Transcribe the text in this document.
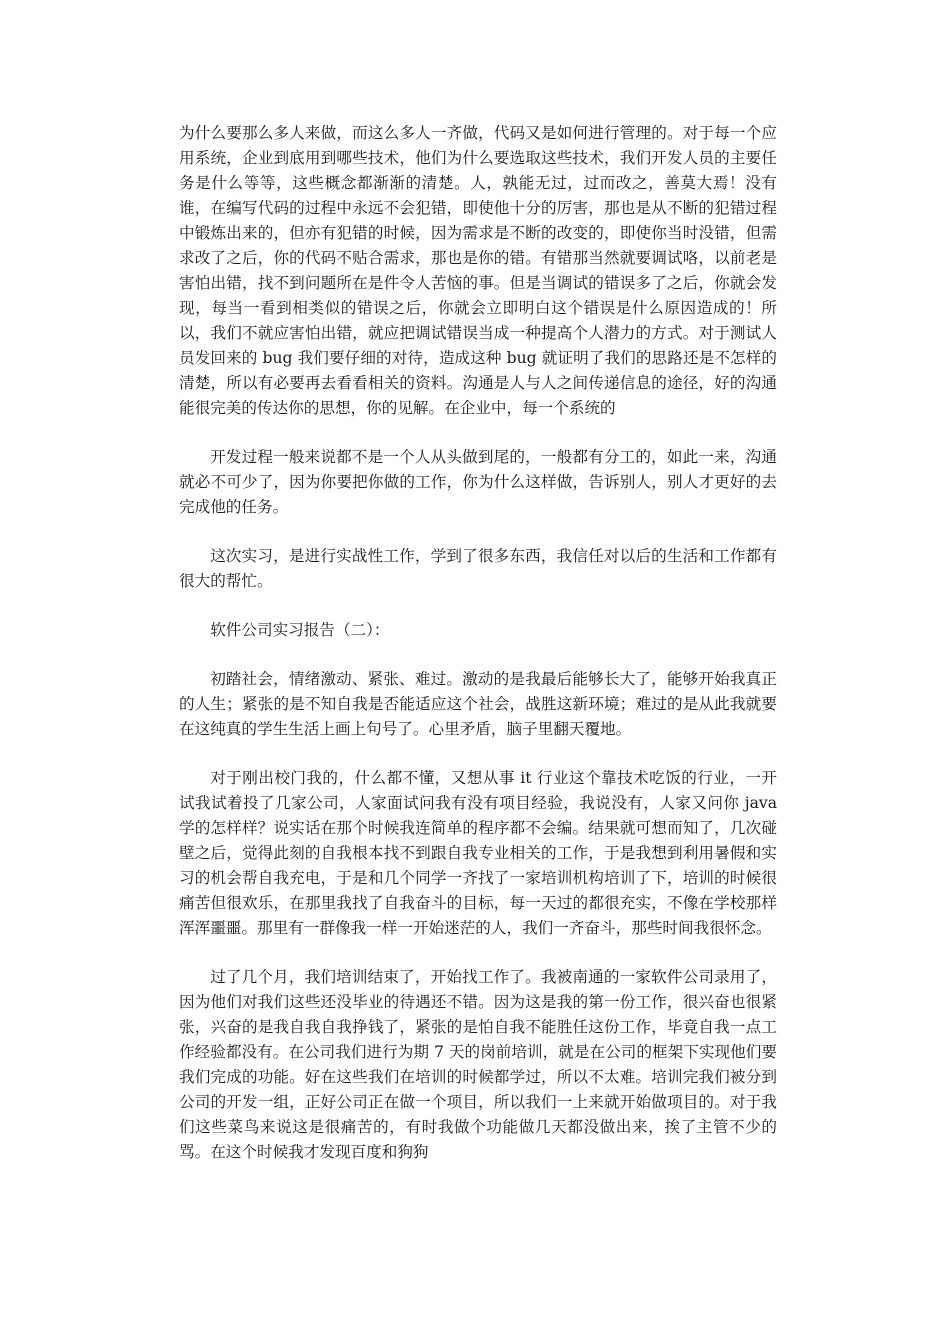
为什么要那么多人来做，而这么多人一齐做，代码又是如何进行管理的。对于每一个应用系统，企业到底用到哪些技术，他们为什么要选取这些技术，我们开发人员的主要任务是什么等等，这些概念都渐渐的清楚。人，孰能无过，过而改之，善莫大焉！没有谁，在编写代码的过程中永远不会犯错，即使他十分的厉害，那也是从不断的犯错过程中锻炼出来的，但亦有犯错的时候，因为需求是不断的改变的，即使你当时没错，但需求改了之后，你的代码不贴合需求，那也是你的错。有错那当然就要调试咯，以前老是害怕出错，找不到问题所在是件令人苦恼的事。但是当调试的错误多了之后，你就会发现，每当一看到相类似的错误之后，你就会立即明白这个错误是什么原因造成的！所以，我们不就应害怕出错，就应把调试错误当成一种提高个人潜力的方式。对于测试人员发回来的 bug 我们要仔细的对待，造成这种 bug 就证明了我们的思路还是不怎样的清楚，所以有必要再去看看相关的资料。沟通是人与人之间传递信息的途径，好的沟通能很完美的传达你的思想，你的见解。在企业中，每一个系统的

开发过程一般来说都不是一个人从头做到尾的，一般都有分工的，如此一来，沟通就必不可少了，因为你要把你做的工作，你为什么这样做，告诉别人，别人才更好的去完成他的任务。

这次实习，是进行实战性工作，学到了很多东西，我信任对以后的生活和工作都有很大的帮忙。

软件公司实习报告（二）：

初踏社会，情绪激动、紧张、难过。激动的是我最后能够长大了，能够开始我真正的人生；紧张的是不知自我是否能适应这个社会，战胜这新环境；难过的是从此我就要在这纯真的学生生活上画上句号了。心里矛盾，脑子里翻天覆地。

对于刚出校门我的，什么都不懂，又想从事 it 行业这个靠技术吃饭的行业，一开试我试着投了几家公司，人家面试问我有没有项目经验，我说没有，人家又问你 java 学的怎样样？说实话在那个时候我连简单的程序都不会编。结果就可想而知了，几次碰壁之后，觉得此刻的自我根本找不到跟自我专业相关的工作，于是我想到利用暑假和实习的机会帮自我充电，于是和几个同学一齐找了一家培训机构培训了下，培训的时候很痛苦但很欢乐，在那里我找了自我奋斗的目标，每一天过的都很充实，不像在学校那样浑浑噩噩。那里有一群像我一样一开始迷茫的人，我们一齐奋斗，那些时间我很怀念。

过了几个月，我们培训结束了，开始找工作了。我被南通的一家软件公司录用了，因为他们对我们这些还没毕业的待遇还不错。因为这是我的第一份工作，很兴奋也很紧张，兴奋的是我自我自我挣钱了，紧张的是怕自我不能胜任这份工作，毕竟自我一点工作经验都没有。在公司我们进行为期 7 天的岗前培训，就是在公司的框架下实现他们要我们完成的功能。好在这些我们在培训的时候都学过，所以不太难。培训完我们被分到公司的开发一组，正好公司正在做一个项目，所以我们一上来就开始做项目的。对于我们这些菜鸟来说这是很痛苦的，有时我做个功能做几天都没做出来，挨了主管不少的骂。在这个时候我才发现百度和狗狗
